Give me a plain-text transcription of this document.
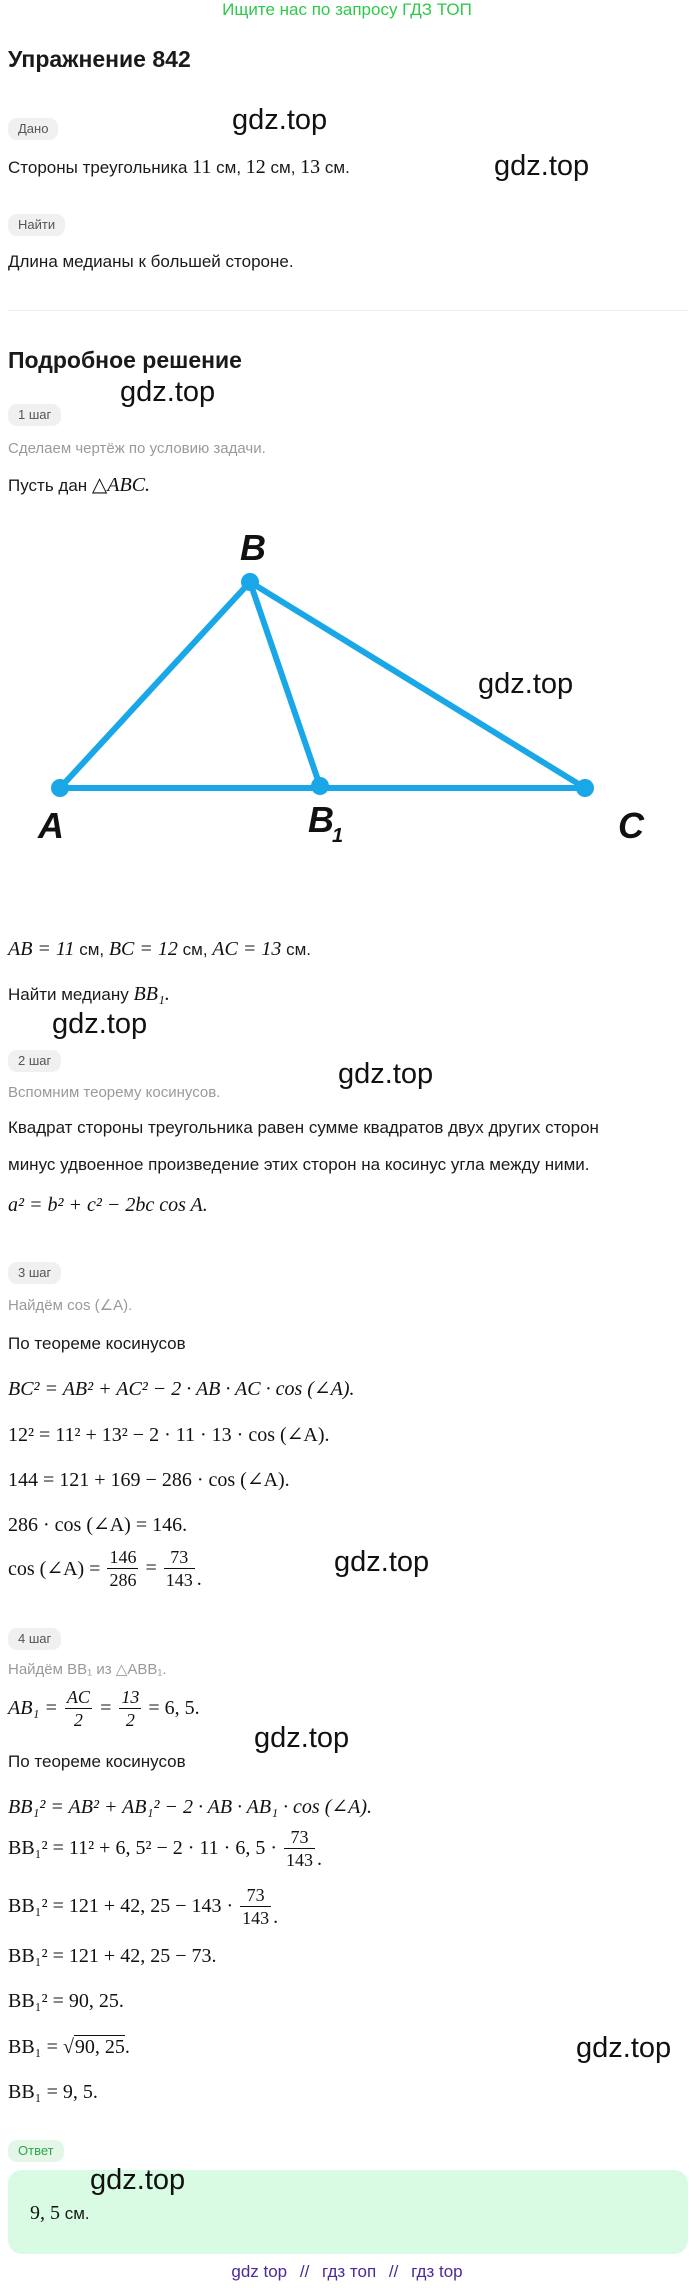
Ищите нас по запросу ГДЗ ТОП
Упражнение 842
Дано
Стороны треугольника 11 см, 12 см, 13 см.
Найти
Длина медианы к большей стороне.
Подробное решение
1 шаг
Сделаем чертёж по условию задачи.
Пусть дан △ABC.
B
A	B
1	C
AB = 11 см, BC = 12 см, AC = 13 см.
Найти медиану BB₁.
2 шаг
Вспомним теорему косинусов.
Квадрат стороны треугольника равен сумме квадратов двух других сторон
минус удвоенное произведение этих сторон на косинус угла между ними.
a² = b² + c² − 2bc cos A.
3 шаг
Найдём cos (∠A).
По теореме косинусов
BC² = AB² + AC² − 2 · AB · AC · cos (∠A).
12² = 11² + 13² − 2 · 11 · 13 · cos (∠A).
144 = 121 + 169 − 286 · cos (∠A).
286 · cos (∠A) = 146.
cos (∠A) = $\frac{146}{286} = \frac{73}{143}$ .
4 шаг
Найдём BB₁ из △ABB₁.
$AB_1 = \frac{AC}{2} = \frac{13}{2} = 6$, 5.
По теореме косинусов
BB₁² = AB² + AB₁² − 2 · AB · AB₁ · cos (∠A).
BB₁² = 11² + 6, 5² − 2 · 11 · 6, $5 \cdot \frac{73}{143}$ .
BB₁² = 121 + 42, $25 - 143 \cdot \frac{73}{143}$ .
BB₁² = 121 + 42, 25 − 73.
BB₁² = 90, 25.
BB₁ = √90, 25.
BB₁ = 9, 5.
Ответ
9, 5 см.
gdz.top
gdz.top
gdz.top
gdz.top
gdz.top
gdz.top
gdz.top
gdz.top
gdz.top
gdz.top
gdz top // гдз топ // гдз top
